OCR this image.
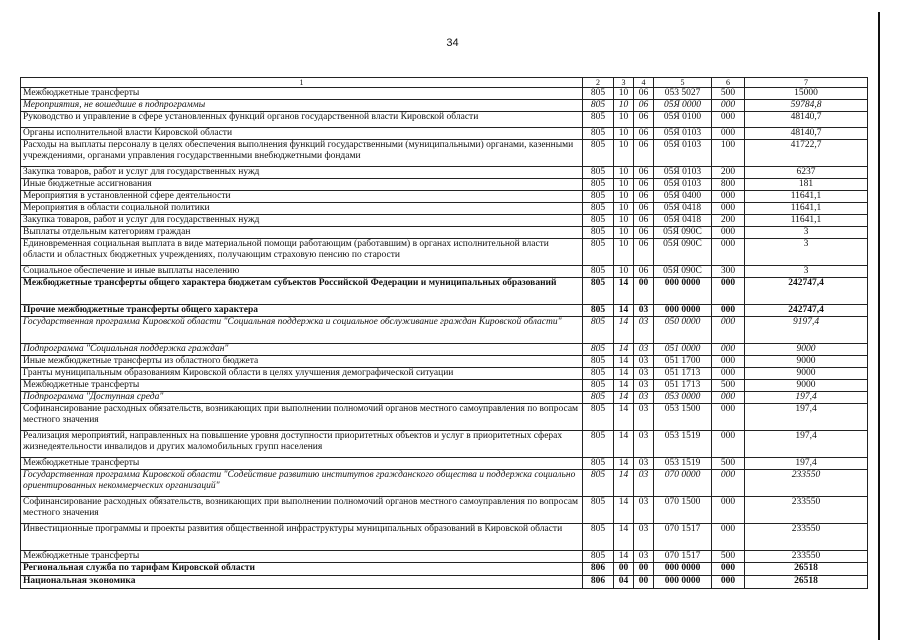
34
1	2	3	4	5	6	7
Межбюджетные трансферты	805	10	06	053 5027	500	15000
Мероприятия, не вошедшие в подпрограммы	805	10	06	05Я 0000	000	59784,8
Руководство и управление в сфере установленных функций органов государственной власти Кировской области	805	10	06	05Я 0100	000	48140,7
Органы исполнительной власти Кировской области	805	10	06	05Я 0103	000	48140,7
Расходы на выплаты персоналу в целях обеспечения выполнения функций государственными (муниципальными) органами, казенными учреждениями, органами управления государственными внебюджетными фондами	805	10	06	05Я 0103	100	41722,7
Закупка товаров, работ и услуг для государственных нужд	805	10	06	05Я 0103	200	6237
Иные бюджетные ассигнования	805	10	06	05Я 0103	800	181
Мероприятия в установленной сфере деятельности	805	10	06	05Я 0400	000	11641,1
Мероприятия в области социальной политики	805	10	06	05Я 0418	000	11641,1
Закупка товаров, работ и услуг для государственных нужд	805	10	06	05Я 0418	200	11641,1
Выплаты отдельным категориям граждан	805	10	06	05Я 090С	000	3
Единовременная социальная выплата в виде материальной помощи работающим (работавшим) в органах исполнительной власти области и областных бюджетных учреждениях, получающим страховую пенсию по старости	805	10	06	05Я 090С	000	3
Социальное обеспечение и иные выплаты населению	805	10	06	05Я 090С	300	3
Межбюджетные трансферты общего характера бюджетам субъектов Российской Федерации и муниципальных образований	805	14	00	000 0000	000	242747,4
Прочие межбюджетные трансферты общего характера	805	14	03	000 0000	000	242747,4
Государственная программа Кировской области "Социальная поддержка и социальное обслуживание граждан Кировской области"	805	14	03	050 0000	000	9197,4
Подпрограмма "Социальная поддержка граждан"	805	14	03	051 0000	000	9000
Иные межбюджетные трансферты из областного бюджета	805	14	03	051 1700	000	9000
Гранты муниципальным образованиям Кировской области в целях улучшения демографической ситуации	805	14	03	051 1713	000	9000
Межбюджетные трансферты	805	14	03	051 1713	500	9000
Подпрограмма "Доступная среда"	805	14	03	053 0000	000	197,4
Софинансирование расходных обязательств, возникающих при выполнении полномочий органов местного самоуправления по вопросам местного значения	805	14	03	053 1500	000	197,4
Реализация мероприятий, направленных на повышение уровня доступности приоритетных объектов и услуг в приоритетных сферах жизнедеятельности инвалидов и других маломобильных групп населения	805	14	03	053 1519	000	197,4
Межбюджетные трансферты	805	14	03	053 1519	500	197,4
Государственная программа Кировской области "Содействие развитию институтов гражданского общества и поддержка социально ориентированных некоммерческих организаций"	805	14	03	070 0000	000	233550
Софинансирование расходных обязательств, возникающих при выполнении полномочий органов местного самоуправления по вопросам местного значения	805	14	03	070 1500	000	233550
Инвестиционные программы и проекты развития общественной инфраструктуры муниципальных образований в Кировской области	805	14	03	070 1517	000	233550
Межбюджетные трансферты	805	14	03	070 1517	500	233550
Региональная служба по тарифам Кировской области	806	00	00	000 0000	000	26518
Национальная экономика	806	04	00	000 0000	000	26518
